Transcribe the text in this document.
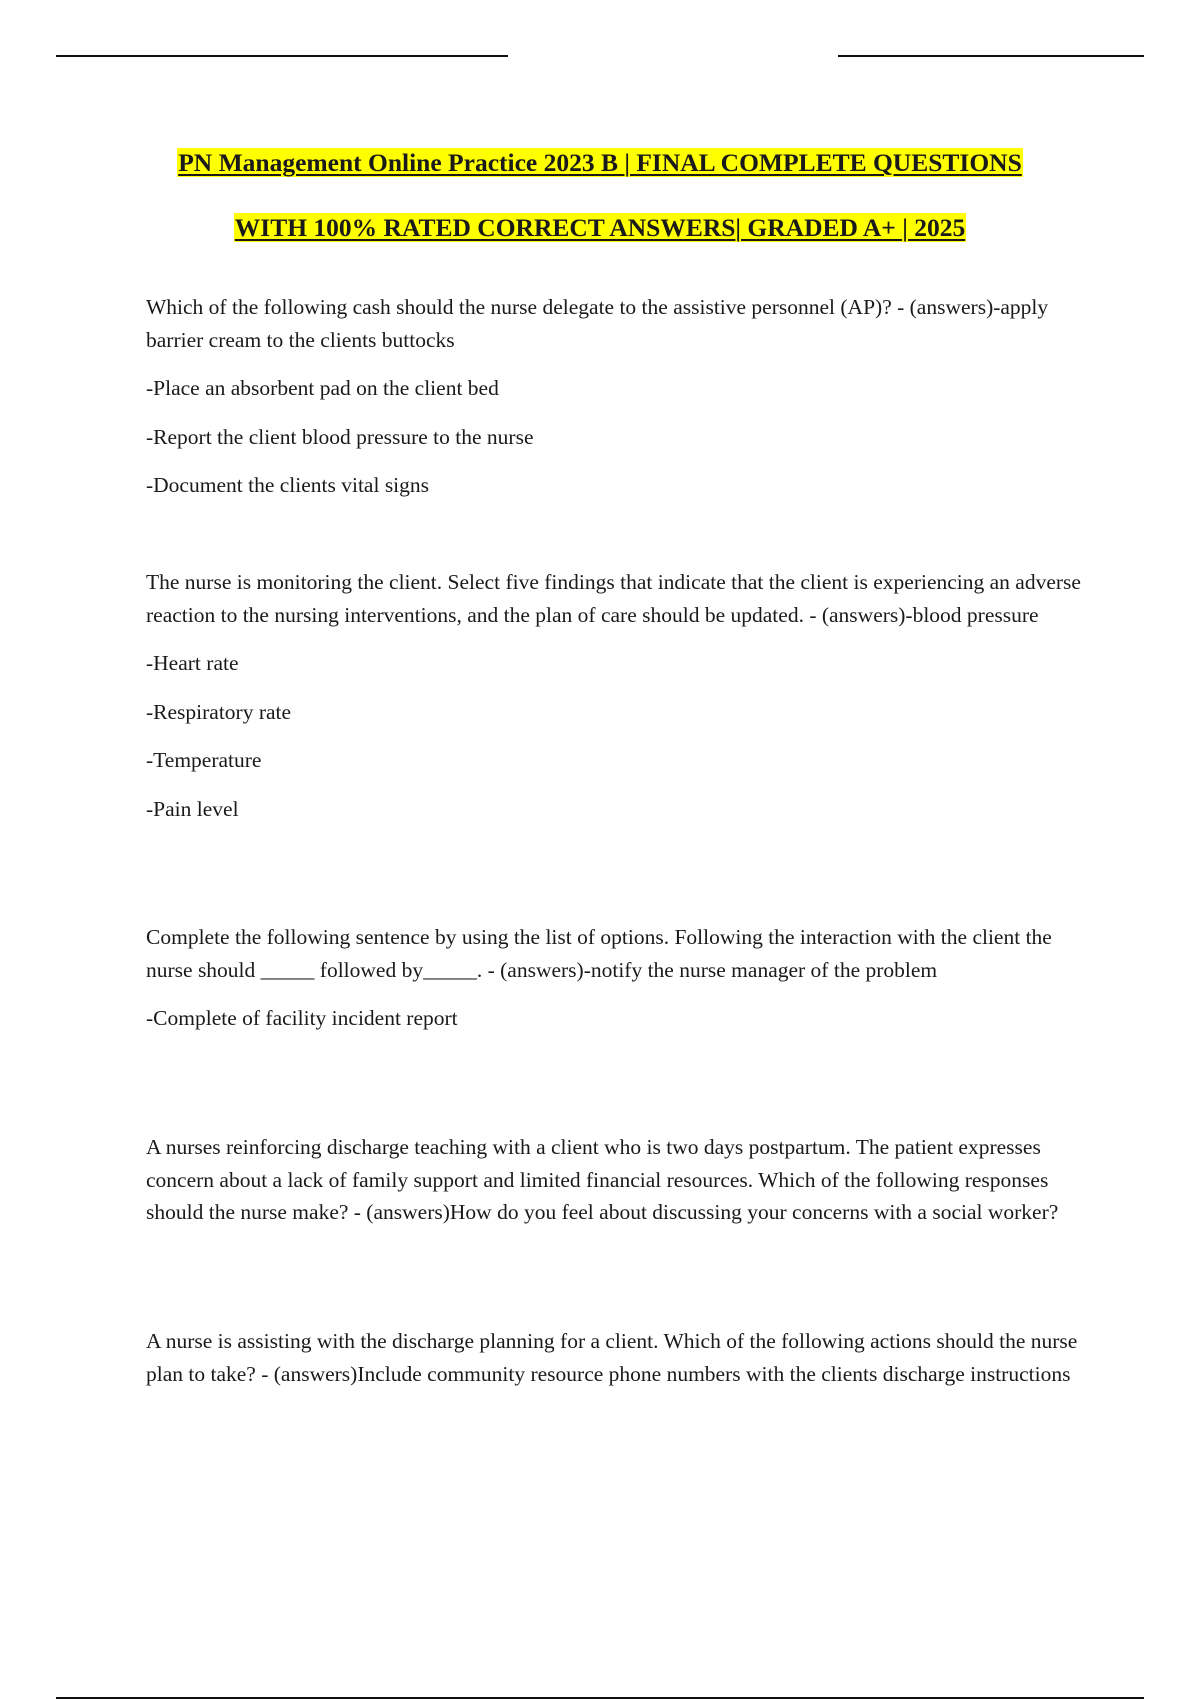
PN Management Online Practice 2023 B | FINAL COMPLETE QUESTIONS
WITH 100% RATED CORRECT ANSWERS| GRADED A+ | 2025

Which of the following cash should the nurse delegate to the assistive personnel (AP)? - (answers)-apply barrier cream to the clients buttocks

-Place an absorbent pad on the client bed

-Report the client blood pressure to the nurse

-Document the clients vital signs

The nurse is monitoring the client. Select five findings that indicate that the client is experiencing an adverse reaction to the nursing interventions, and the plan of care should be updated. - (answers)-blood pressure

-Heart rate

-Respiratory rate

-Temperature

-Pain level

Complete the following sentence by using the list of options. Following the interaction with the client the nurse should _____ followed by_____. - (answers)-notify the nurse manager of the problem

-Complete of facility incident report

A nurses reinforcing discharge teaching with a client who is two days postpartum. The patient expresses concern about a lack of family support and limited financial resources. Which of the following responses should the nurse make? - (answers)How do you feel about discussing your concerns with a social worker?

A nurse is assisting with the discharge planning for a client. Which of the following actions should the nurse plan to take? - (answers)Include community resource phone numbers with the clients discharge instructions
